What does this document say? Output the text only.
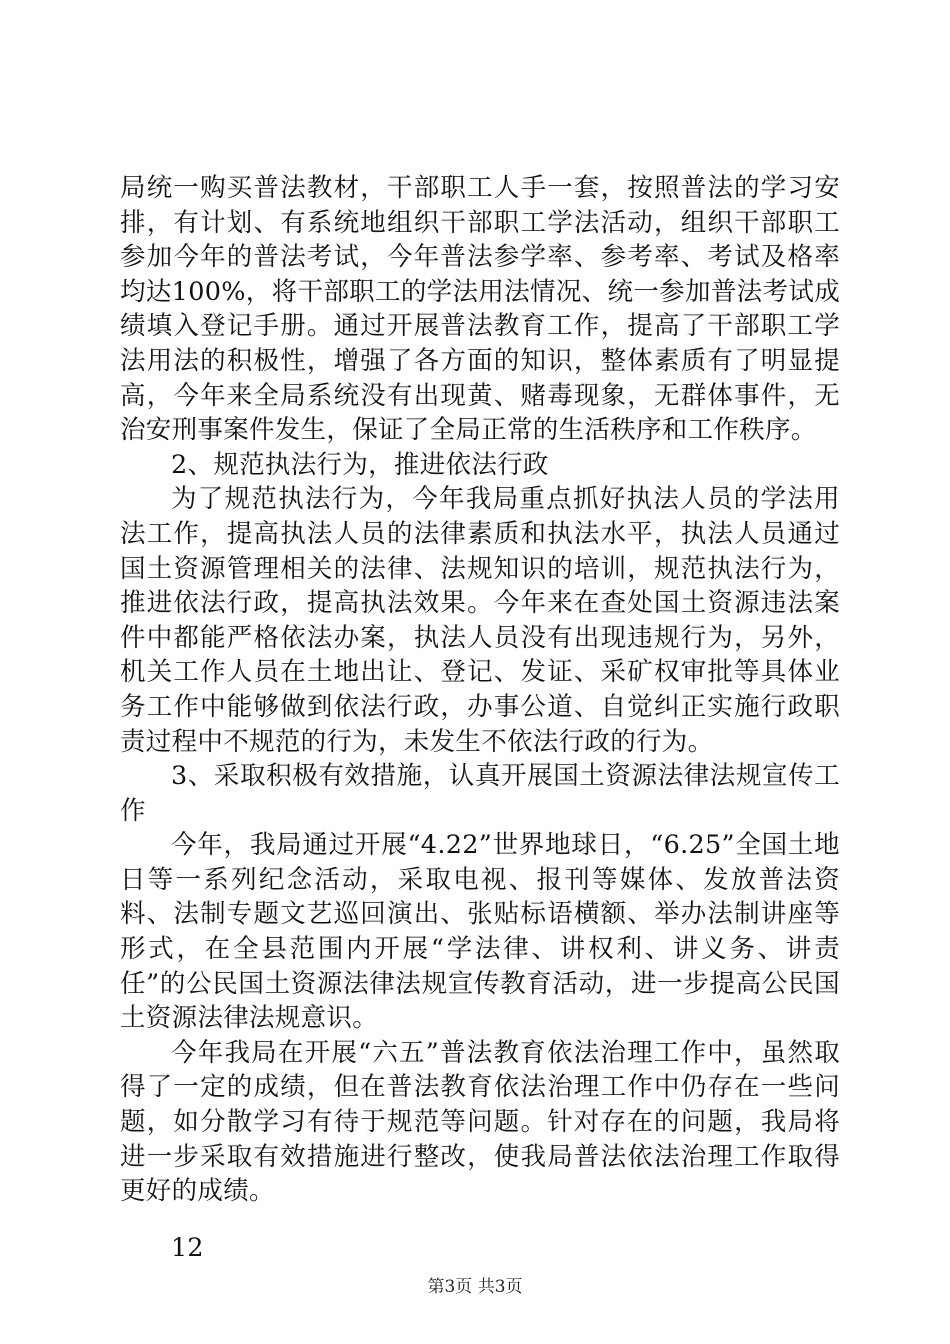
局统一购买普法教材，干部职工人手一套，按照普法的学习安排，有计划、有系统地组织干部职工学法活动，组织干部职工参加今年的普法考试，今年普法参学率、参考率、考试及格率均达100%，将干部职工的学法用法情况、统一参加普法考试成绩填入登记手册。通过开展普法教育工作，提高了干部职工学法用法的积极性，增强了各方面的知识，整体素质有了明显提高，今年来全局系统没有出现黄、赌毒现象，无群体事件，无治安刑事案件发生，保证了全局正常的生活秩序和工作秩序。

2、规范执法行为，推进依法行政

为了规范执法行为，今年我局重点抓好执法人员的学法用法工作，提高执法人员的法律素质和执法水平，执法人员通过国土资源管理相关的法律、法规知识的培训，规范执法行为，推进依法行政，提高执法效果。今年来在查处国土资源违法案件中都能严格依法办案，执法人员没有出现违规行为，另外，机关工作人员在土地出让、登记、发证、采矿权审批等具体业务工作中能够做到依法行政，办事公道、自觉纠正实施行政职责过程中不规范的行为，未发生不依法行政的行为。

3、采取积极有效措施，认真开展国土资源法律法规宣传工作

今年，我局通过开展“4.22”世界地球日，“6.25”全国土地日等一系列纪念活动，采取电视、报刊等媒体、发放普法资料、法制专题文艺巡回演出、张贴标语横额、举办法制讲座等形式，在全县范围内开展“学法律、讲权利、讲义务、讲责任”的公民国土资源法律法规宣传教育活动，进一步提高公民国土资源法律法规意识。

今年我局在开展“六五”普法教育依法治理工作中，虽然取得了一定的成绩，但在普法教育依法治理工作中仍存在一些问题，如分散学习有待于规范等问题。针对存在的问题，我局将进一步采取有效措施进行整改，使我局普法依法治理工作取得更好的成绩。

12

第3页 共3页
